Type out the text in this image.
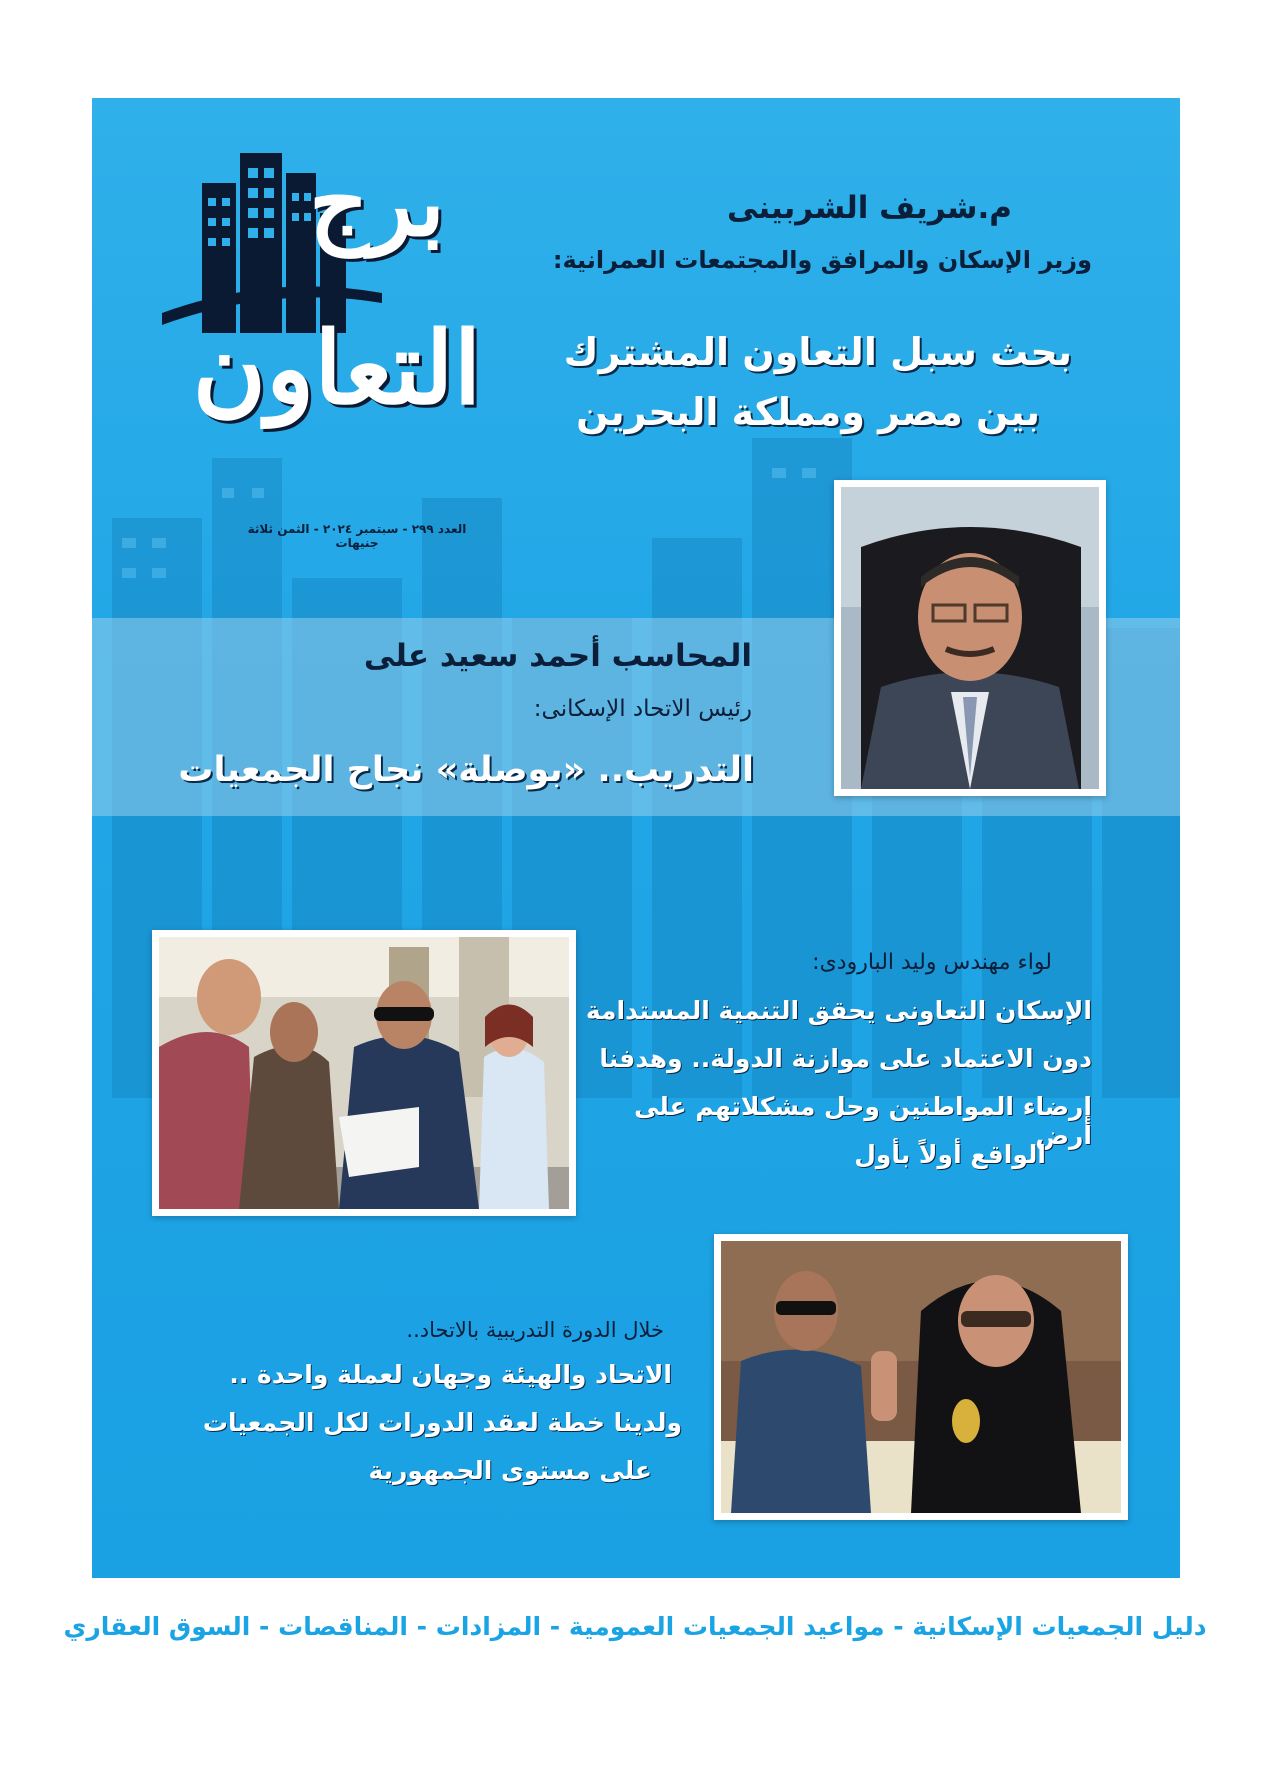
برج
التعاون
العدد ٢٩٩ - سبتمبر ٢٠٢٤ - الثمن ثلاثة جنيهات
م.شريف الشربينى
وزير الإسكان والمرافق والمجتمعات العمرانية:
بحث سبل التعاون المشترك
بين مصر ومملكة البحرين
المحاسب أحمد سعيد على
رئيس الاتحاد الإسكانى:
التدريب.. «بوصلة» نجاح الجمعيات
لواء مهندس وليد البارودى:
الإسكان التعاونى يحقق التنمية المستدامة
دون الاعتماد على موازنة الدولة.. وهدفنا
إرضاء المواطنين وحل مشكلاتهم على أرض
الواقع أولاً بأول
خلال الدورة التدريبية بالاتحاد..
الاتحاد والهيئة وجهان لعملة واحدة ..
ولدينا خطة لعقد الدورات لكل الجمعيات
على مستوى الجمهورية
دليل الجمعيات الإسكانية - مواعيد الجمعيات العمومية - المزادات - المناقصات - السوق العقاري
